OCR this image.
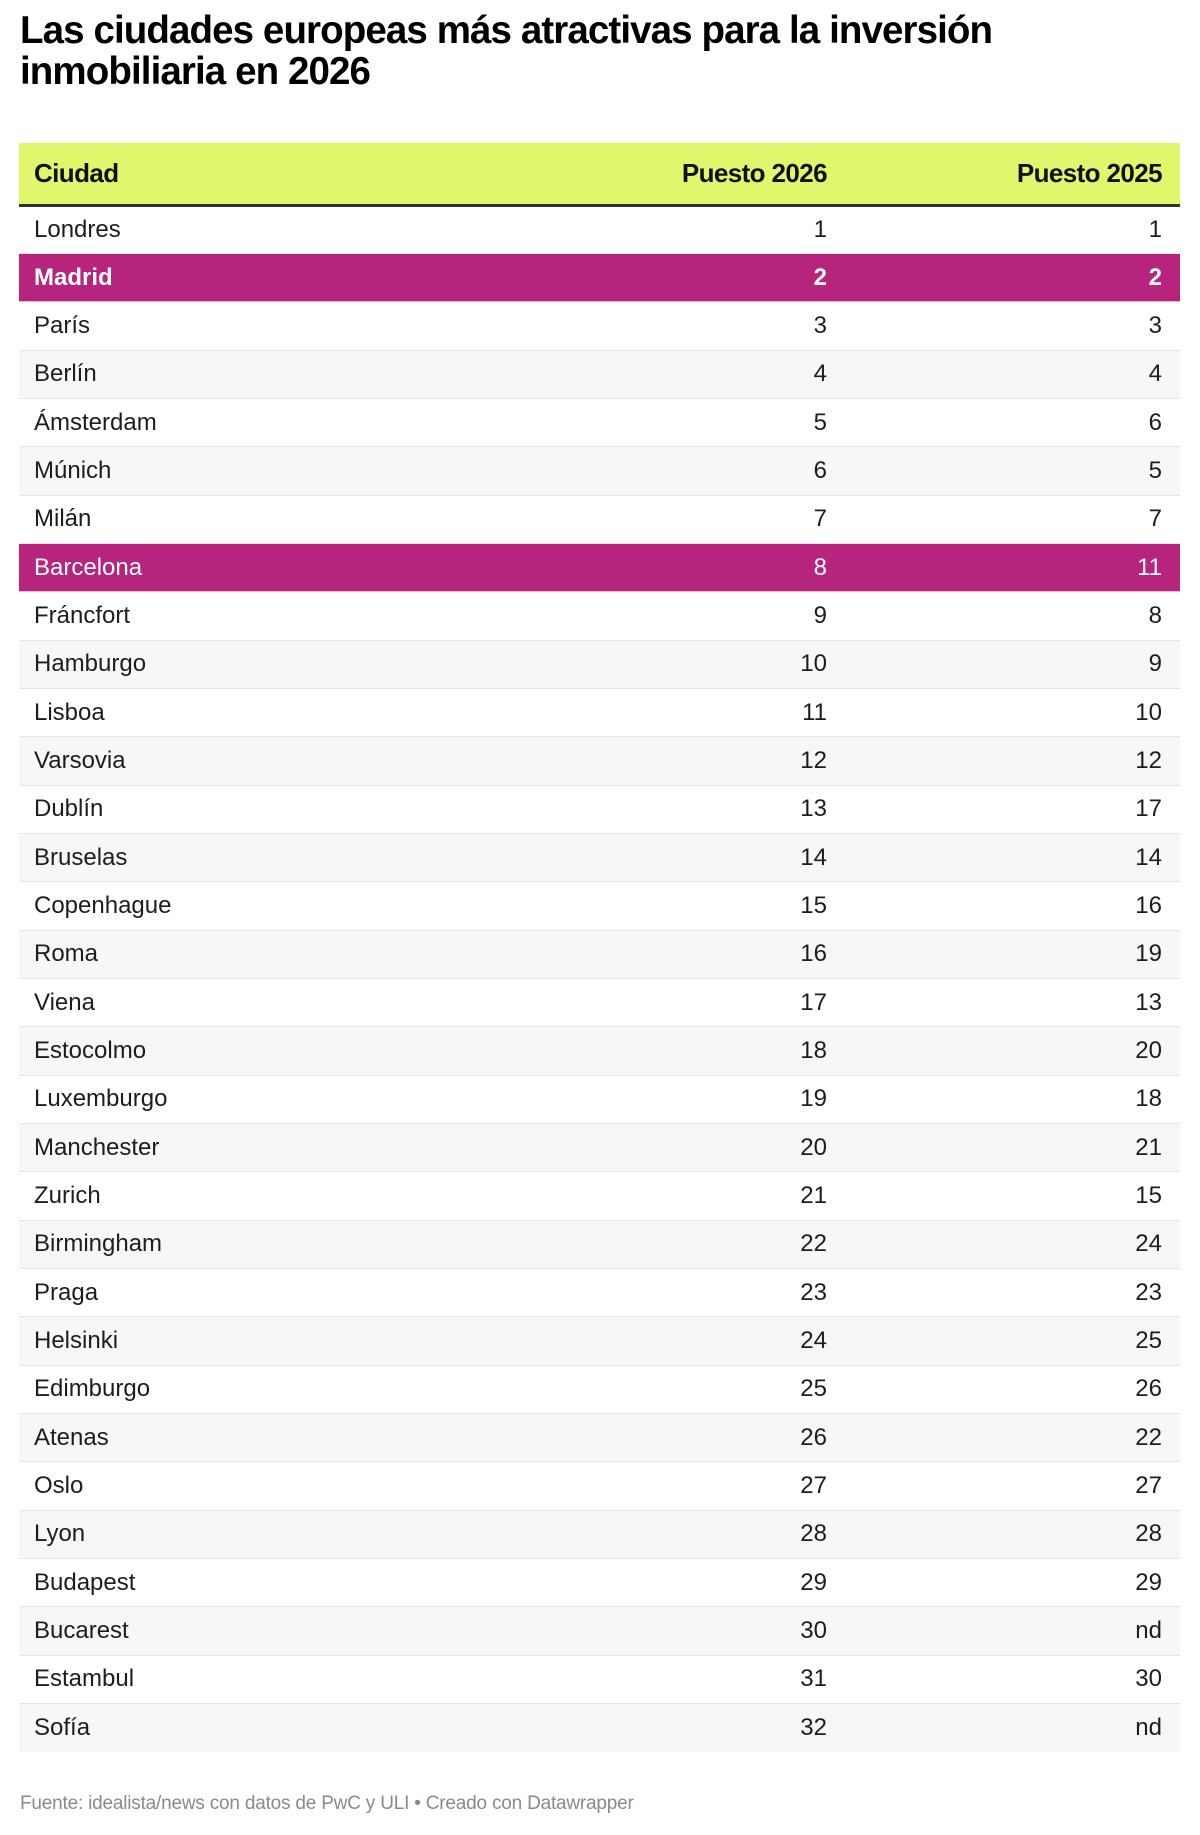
Las ciudades europeas más atractivas para la inversión inmobiliaria en 2026
Ciudad	Puesto 2026	Puesto 2025
Londres	1	1
Madrid	2	2
París	3	3
Berlín	4	4
Ámsterdam	5	6
Múnich	6	5
Milán	7	7
Barcelona	8	11
Fráncfort	9	8
Hamburgo	10	9
Lisboa	11	10
Varsovia	12	12
Dublín	13	17
Bruselas	14	14
Copenhague	15	16
Roma	16	19
Viena	17	13
Estocolmo	18	20
Luxemburgo	19	18
Manchester	20	21
Zurich	21	15
Birmingham	22	24
Praga	23	23
Helsinki	24	25
Edimburgo	25	26
Atenas	26	22
Oslo	27	27
Lyon	28	28
Budapest	29	29
Bucarest	30	nd
Estambul	31	30
Sofía	32	nd
Fuente: idealista/news con datos de PwC y ULI • Creado con Datawrapper
